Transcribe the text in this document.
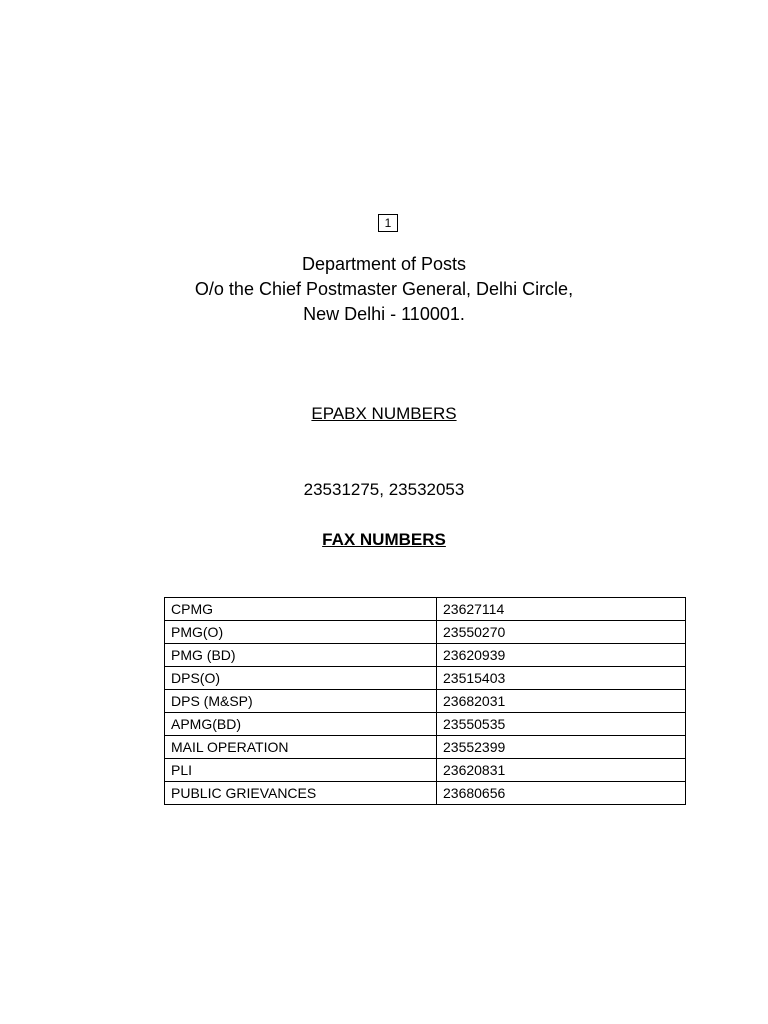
1
Department of Posts
O/o the Chief Postmaster General, Delhi Circle,
New Delhi - 110001.
EPABX NUMBERS
23531275, 23532053
FAX NUMBERS
CPMG	23627114
PMG(O)	23550270
PMG (BD)	23620939
DPS(O)	23515403
DPS (M&SP)	23682031
APMG(BD)	23550535
MAIL OPERATION	23552399
PLI	23620831
PUBLIC GRIEVANCES	23680656
